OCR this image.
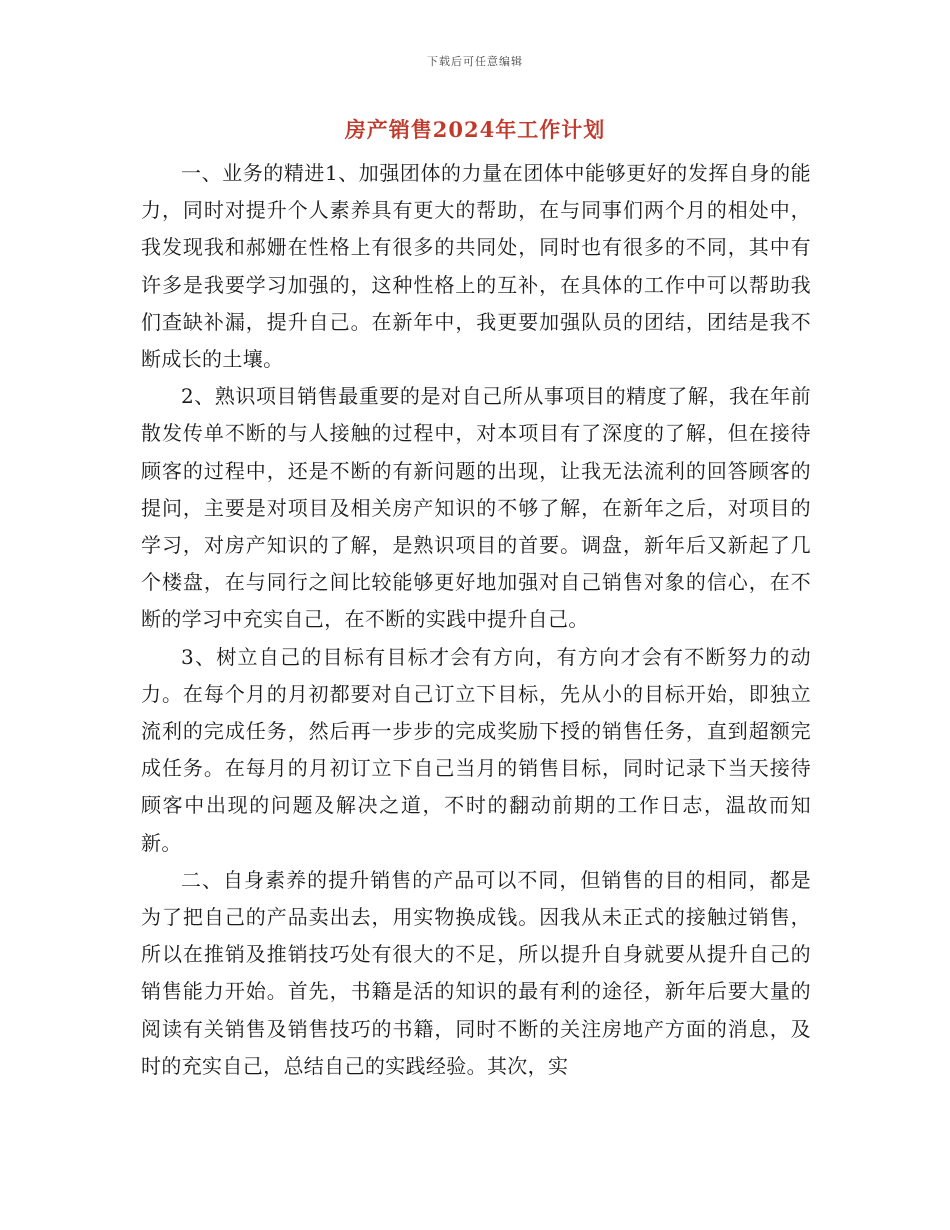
下载后可任意编辑
房产销售2024年工作计划

一、业务的精进1、加强团体的力量在团体中能够更好的发挥自身的能力，同时对提升个人素养具有更大的帮助，在与同事们两个月的相处中，我发现我和郝姗在性格上有很多的共同处，同时也有很多的不同，其中有许多是我要学习加强的，这种性格上的互补，在具体的工作中可以帮助我们查缺补漏，提升自己。在新年中，我更要加强队员的团结，团结是我不断成长的土壤。

2、熟识项目销售最重要的是对自己所从事项目的精度了解，我在年前散发传单不断的与人接触的过程中，对本项目有了深度的了解，但在接待顾客的过程中，还是不断的有新问题的出现，让我无法流利的回答顾客的提问，主要是对项目及相关房产知识的不够了解，在新年之后，对项目的学习，对房产知识的了解，是熟识项目的首要。调盘，新年后又新起了几个楼盘，在与同行之间比较能够更好地加强对自己销售对象的信心，在不断的学习中充实自己，在不断的实践中提升自己。

3、树立自己的目标有目标才会有方向，有方向才会有不断努力的动力。在每个月的月初都要对自己订立下目标，先从小的目标开始，即独立流利的完成任务，然后再一步步的完成奖励下授的销售任务，直到超额完成任务。在每月的月初订立下自己当月的销售目标，同时记录下当天接待顾客中出现的问题及解决之道，不时的翻动前期的工作日志，温故而知新。

二、自身素养的提升销售的产品可以不同，但销售的目的相同，都是为了把自己的产品卖出去，用实物换成钱。因我从未正式的接触过销售，所以在推销及推销技巧处有很大的不足，所以提升自身就要从提升自己的销售能力开始。首先，书籍是活的知识的最有利的途径，新年后要大量的阅读有关销售及销售技巧的书籍，同时不断的关注房地产方面的消息，及时的充实自己，总结自己的实践经验。其次，实
